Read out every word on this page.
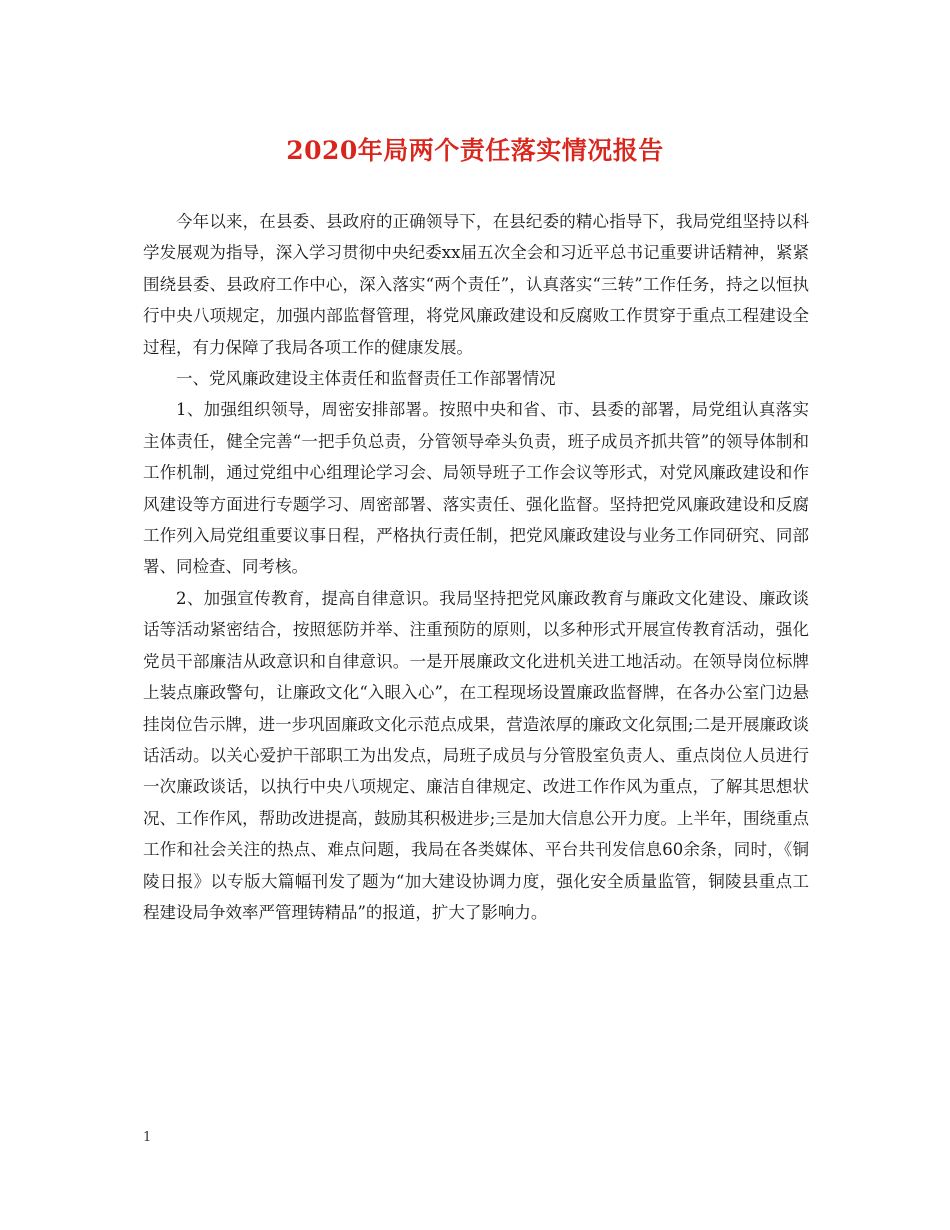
2020年局两个责任落实情况报告

今年以来，在县委、县政府的正确领导下，在县纪委的精心指导下，我局党组坚持以科学发展观为指导，深入学习贯彻中央纪委xx届五次全会和习近平总书记重要讲话精神，紧紧围绕县委、县政府工作中心，深入落实“两个责任”，认真落实“三转”工作任务，持之以恒执行中央八项规定，加强内部监督管理，将党风廉政建设和反腐败工作贯穿于重点工程建设全过程，有力保障了我局各项工作的健康发展。

一、党风廉政建设主体责任和监督责任工作部署情况

1、加强组织领导，周密安排部署。按照中央和省、市、县委的部署，局党组认真落实主体责任，健全完善“一把手负总责，分管领导牵头负责，班子成员齐抓共管”的领导体制和工作机制，通过党组中心组理论学习会、局领导班子工作会议等形式，对党风廉政建设和作风建设等方面进行专题学习、周密部署、落实责任、强化监督。坚持把党风廉政建设和反腐工作列入局党组重要议事日程，严格执行责任制，把党风廉政建设与业务工作同研究、同部署、同检查、同考核。

2、加强宣传教育，提高自律意识。我局坚持把党风廉政教育与廉政文化建设、廉政谈话等活动紧密结合，按照惩防并举、注重预防的原则，以多种形式开展宣传教育活动，强化党员干部廉洁从政意识和自律意识。一是开展廉政文化进机关进工地活动。在领导岗位标牌上装点廉政警句，让廉政文化“入眼入心”，在工程现场设置廉政监督牌，在各办公室门边悬挂岗位告示牌，进一步巩固廉政文化示范点成果，营造浓厚的廉政文化氛围;二是开展廉政谈话活动。以关心爱护干部职工为出发点，局班子成员与分管股室负责人、重点岗位人员进行一次廉政谈话，以执行中央八项规定、廉洁自律规定、改进工作作风为重点，了解其思想状况、工作作风，帮助改进提高，鼓励其积极进步;三是加大信息公开力度。上半年，围绕重点工作和社会关注的热点、难点问题，我局在各类媒体、平台共刊发信息60余条，同时，《铜陵日报》以专版大篇幅刊发了题为“加大建设协调力度，强化安全质量监管，铜陵县重点工程建设局争效率严管理铸精品”的报道，扩大了影响力。

1
